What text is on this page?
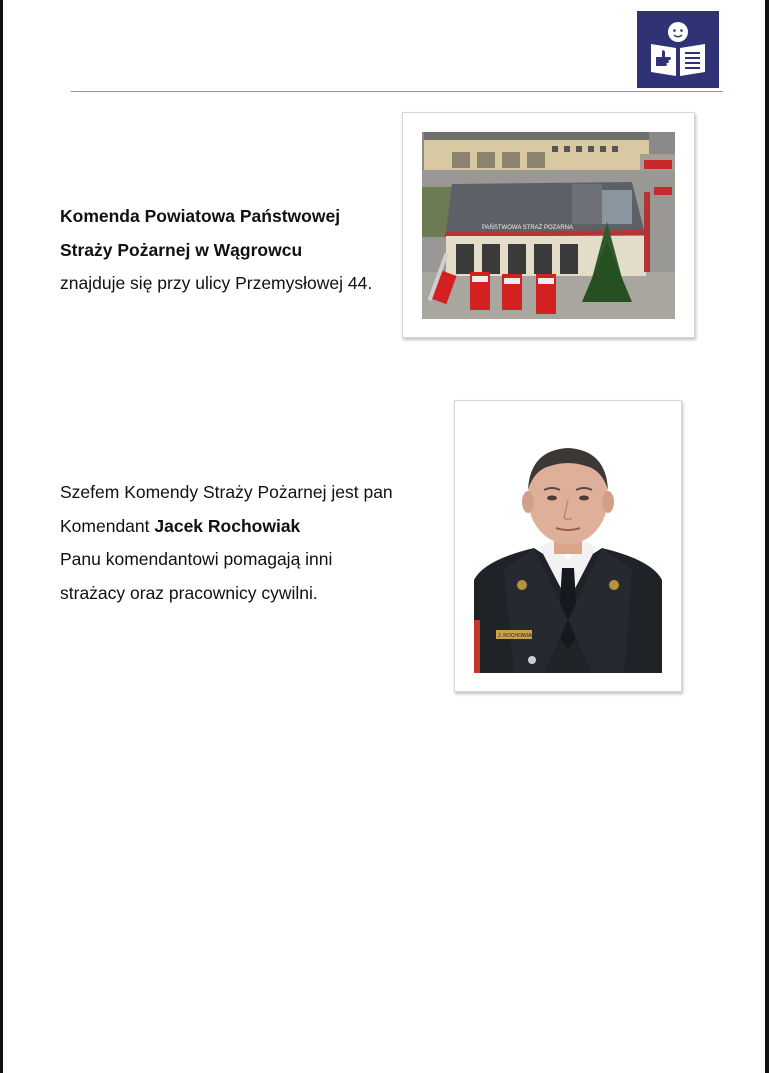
Komenda Powiatowa Państwowej Straży Pożarnej w Wągrowcu
znajduje się przy ulicy Przemysłowej 44.
PAŃSTWOWA STRAŻ POŻARNA
Szefem Komendy Straży Pożarnej jest pan Komendant Jacek Rochowiak
Panu komendantowi pomagają inni strażacy oraz pracownicy cywilni.
J. ROCHOWIAK
